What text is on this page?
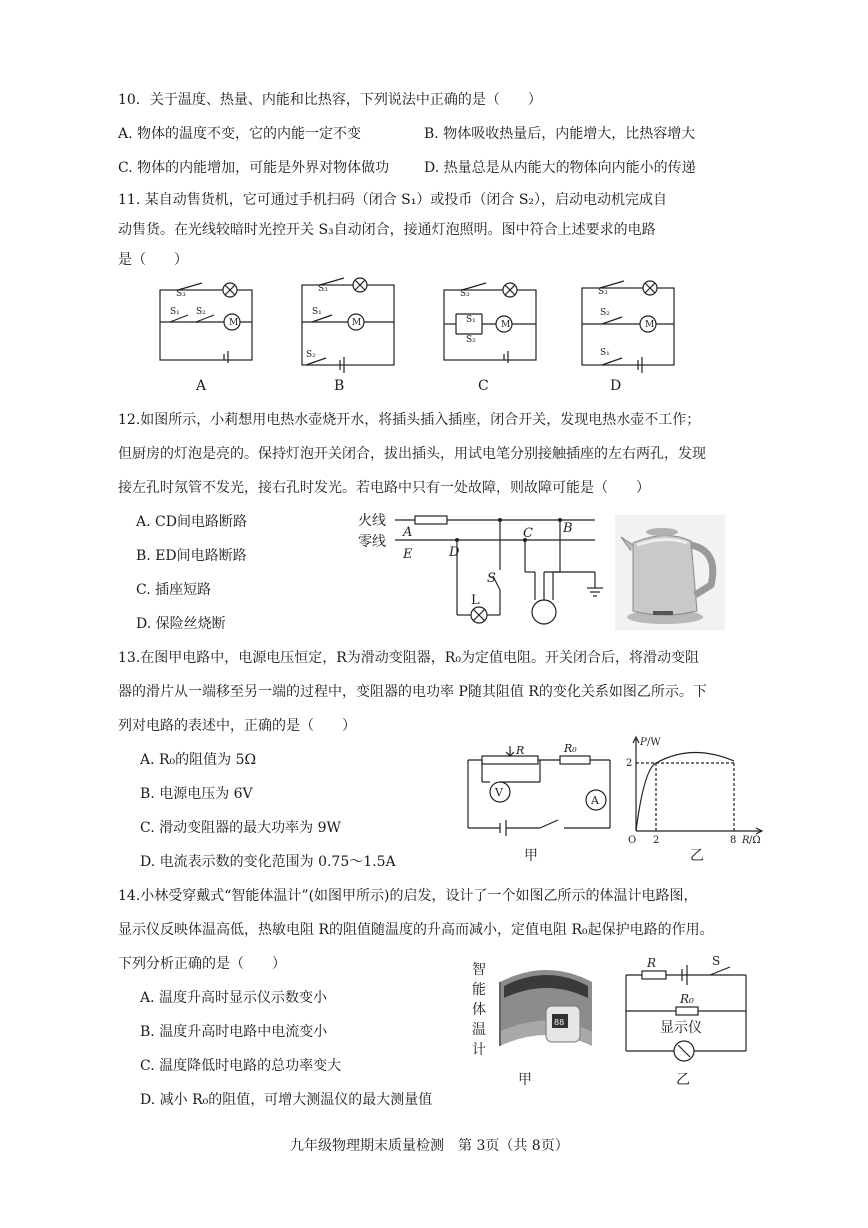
10．关于温度、热量、内能和比热容，下列说法中正确的是（　　）
A. 物体的温度不变，它的内能一定不变	B. 物体吸收热量后，内能增大，比热容增大
C. 物体的内能增加，可能是外界对物体做功 D. 热量总是从内能大的物体向内能小的传递
11. 某自动售货机，它可通过手机扫码（闭合 S₁）或投币（闭合 S₂），启动电动机完成自
动售货。在光线较暗时光控开关 S₃自动闭合，接通灯泡照明。图中符合上述要求的电路
是（　　）
S₃
S₁ S₂
M
S₃
S₁
M
S₂
S₃
S₁
S₂
M
S₃
S₂
M
S₁
A	B	C	D
12.如图所示，小莉想用电热水壶烧开水，将插头插入插座，闭合开关，发现电热水壶不工作；
但厨房的灯泡是亮的。保持灯泡开关闭合，拔出插头，用试电笔分别接触插座的左右两孔，发现
接左孔时氖管不发光，接右孔时发光。若电路中只有一处故障，则故障可能是（　　）
A. CD间电路断路
B. ED间电路断路
C. 插座短路
D. 保险丝烧断
火线
零线
A
E	D
C B
S
L
13.在图甲电路中，电源电压恒定，R为滑动变阻器，R₀为定值电阻。开关闭合后，将滑动变阻
器的滑片从一端移至另一端的过程中，变阻器的电功率 P随其阻值 R的变化关系如图乙所示。下
列对电路的表述中，正确的是（　　）
A. R₀的阻值为 5Ω
B. 电源电压为 6V
C. 滑动变阻器的最大功率为 9W
D. 电流表示数的变化范围为 0.75～1.5A
R	R₀
V
A
甲
P /W
2
O 2	8 R /Ω
乙
14.小林受穿戴式“智能体温计”(如图甲所示)的启发，设计了一个如图乙所示的体温计电路图，
显示仪反映体温高低，热敏电阻 R的阻值随温度的升高而减小，定值电阻 R₀起保护电路的作用。
下列分析正确的是（　　）
A. 温度升高时显示仪示数变小
B. 温度升高时电路中电流变小
C. 温度降低时电路的总功率变大
D. 减小 R₀的阻值，可增大测温仪的最大测量值
智
能
体
温
计
88
甲
R	S
R₀
显示仪
乙
九年级物理期末质量检测　第 3页（共 8页）
